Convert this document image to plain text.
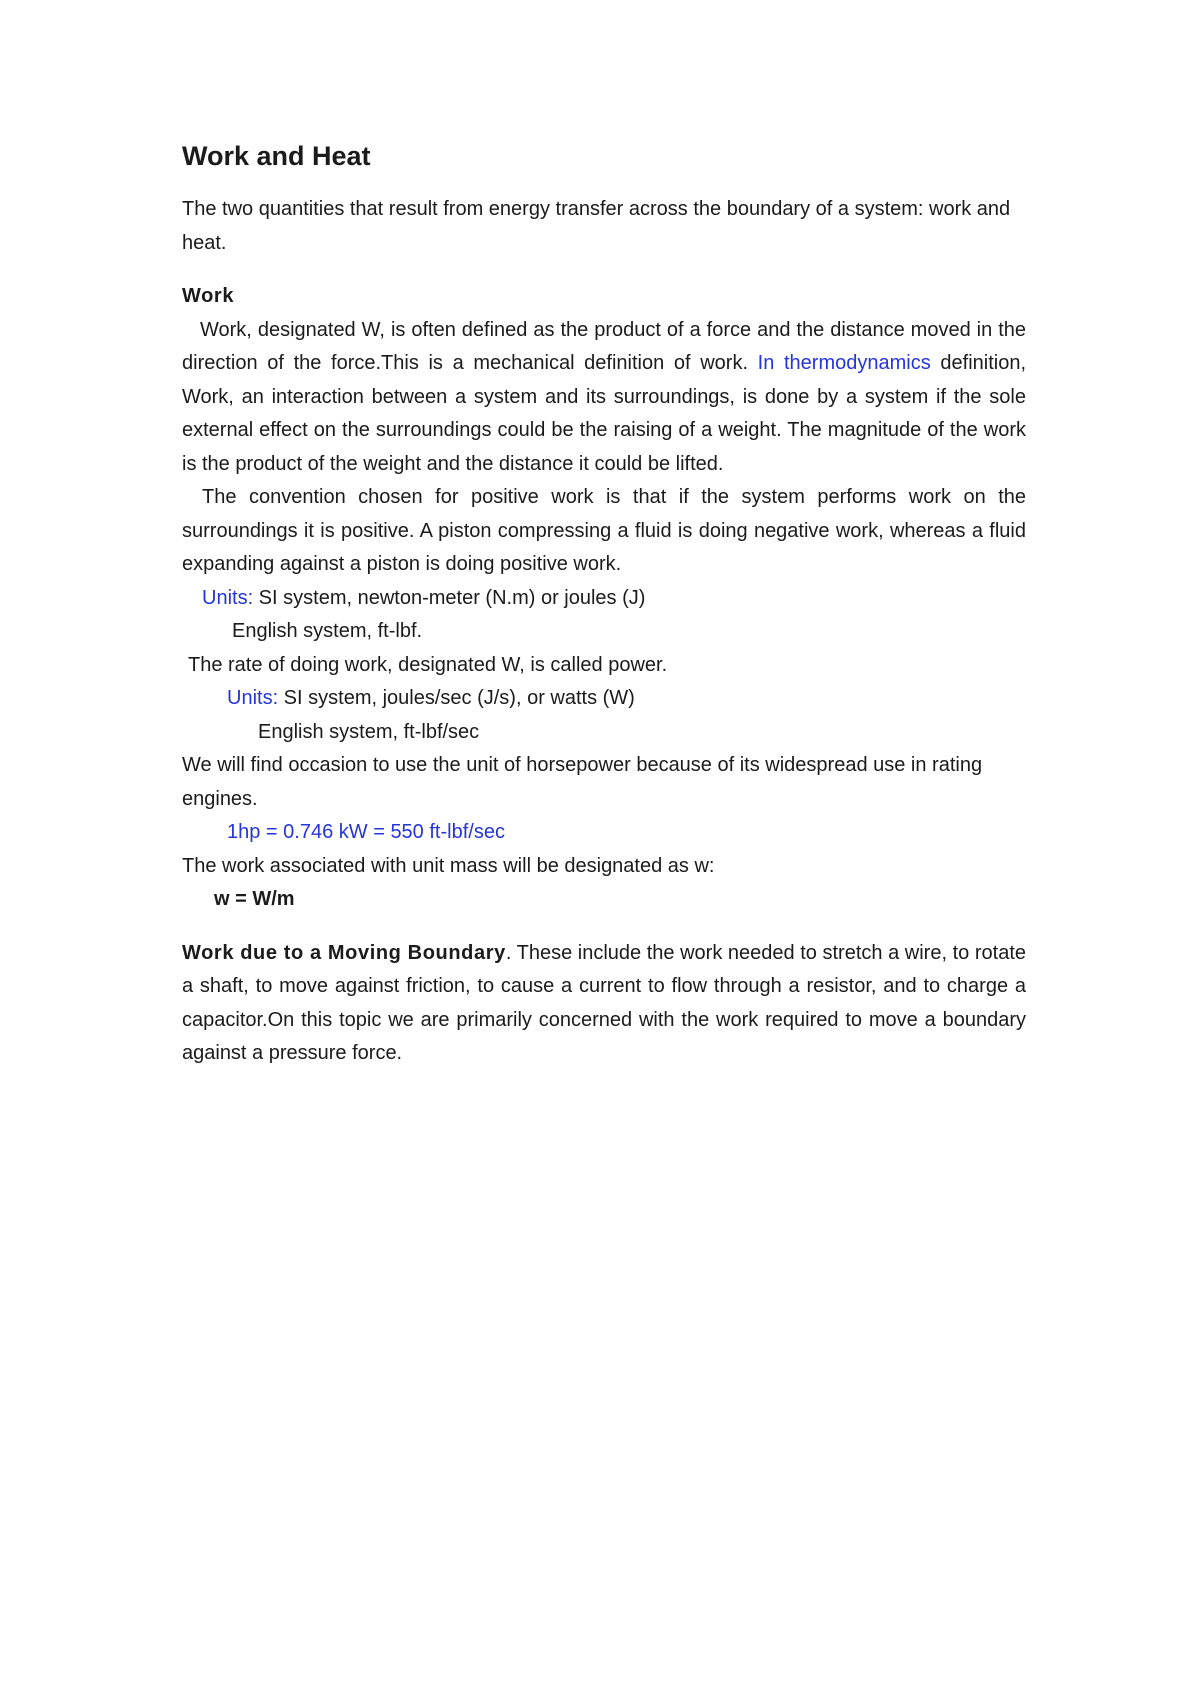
Work and Heat

The two quantities that result from energy transfer across the boundary of a system: work and heat.

Work

Work, designated W, is often defined as the product of a force and the distance moved in the direction of the force.This is a mechanical definition of work. In thermodynamics definition, Work, an interaction between a system and its surroundings, is done by a system if the sole external effect on the surroundings could be the raising of a weight. The magnitude of the work is the product of the weight and the distance it could be lifted.

The convention chosen for positive work is that if the system performs work on the surroundings it is positive. A piston compressing a fluid is doing negative work, whereas a fluid expanding against a piston is doing positive work.

Units: SI system, newton-meter (N.m) or joules (J)

English system, ft-lbf.

The rate of doing work, designated W, is called power.

Units: SI system, joules/sec (J/s), or watts (W)

English system, ft-lbf/sec

We will find occasion to use the unit of horsepower because of its widespread use in rating engines.

1hp = 0.746 kW = 550 ft-lbf/sec

The work associated with unit mass will be designated as w:

w = W/m

Work due to a Moving Boundary. These include the work needed to stretch a wire, to rotate a shaft, to move against friction, to cause a current to flow through a resistor, and to charge a capacitor.On this topic we are primarily concerned with the work required to move a boundary against a pressure force.
